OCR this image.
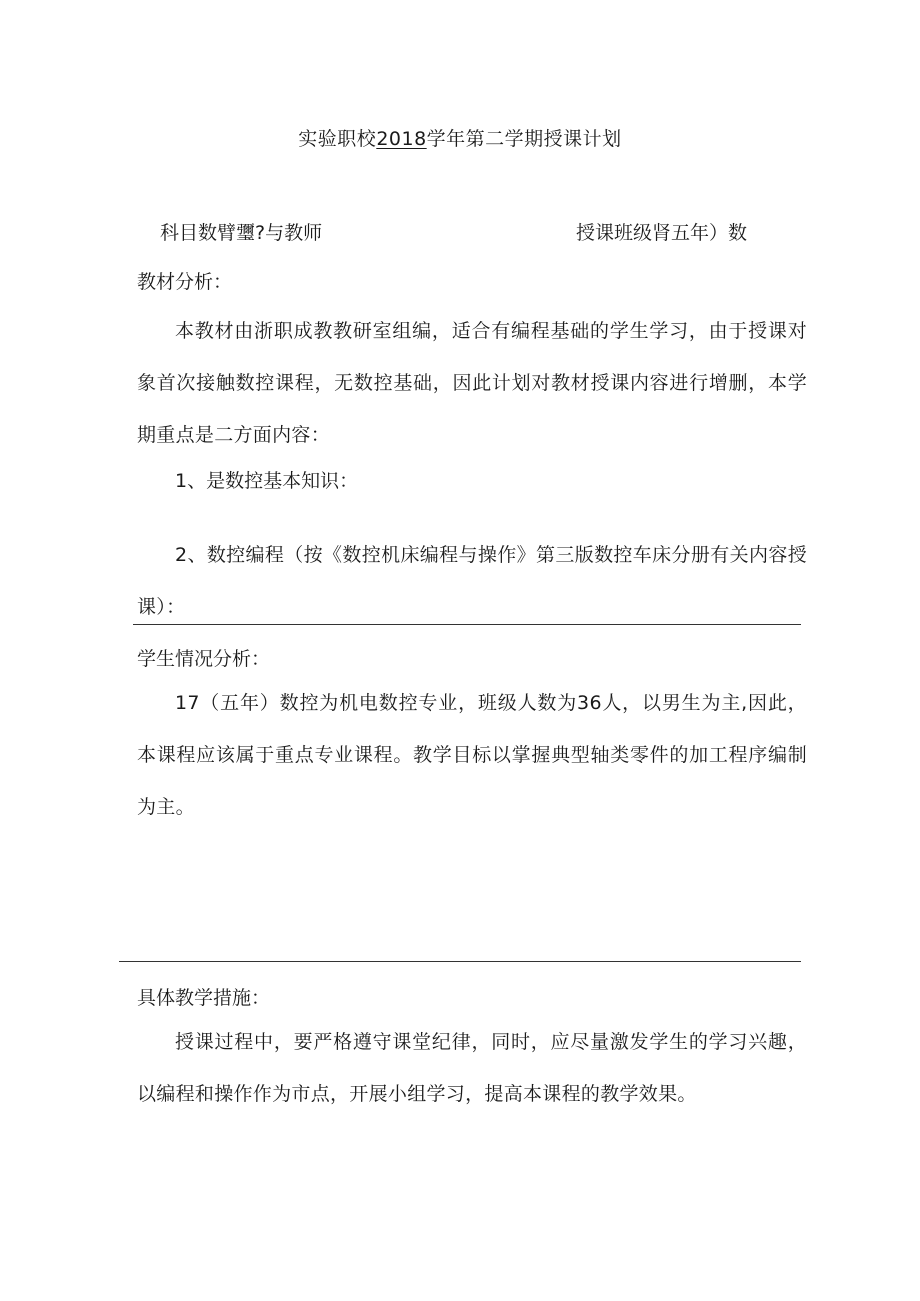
实验职校2018学年第二学期授课计划
科目数臂瓕?与教师	授课班级肾五年）数
教材分析：
本教材由浙职成教教研室组编，适合有编程基础的学生学习，由于授课对象首次接触数控课程，无数控基础，因此计划对教材授课内容进行增删，本学期重点是二方面内容：
1、是数控基本知识：
2、数控编程（按《数控机床编程与操作》第三版数控车床分册有关内容授课）：
学生情况分析：
17（五年）数控为机电数控专业，班级人数为36人，以男生为主,因此，本课程应该属于重点专业课程。教学目标以掌握典型轴类零件的加工程序编制为主。
具体教学措施：
授课过程中，要严格遵守课堂纪律，同时，应尽量激发学生的学习兴趣，以编程和操作作为市点，开展小组学习，提高本课程的教学效果。
